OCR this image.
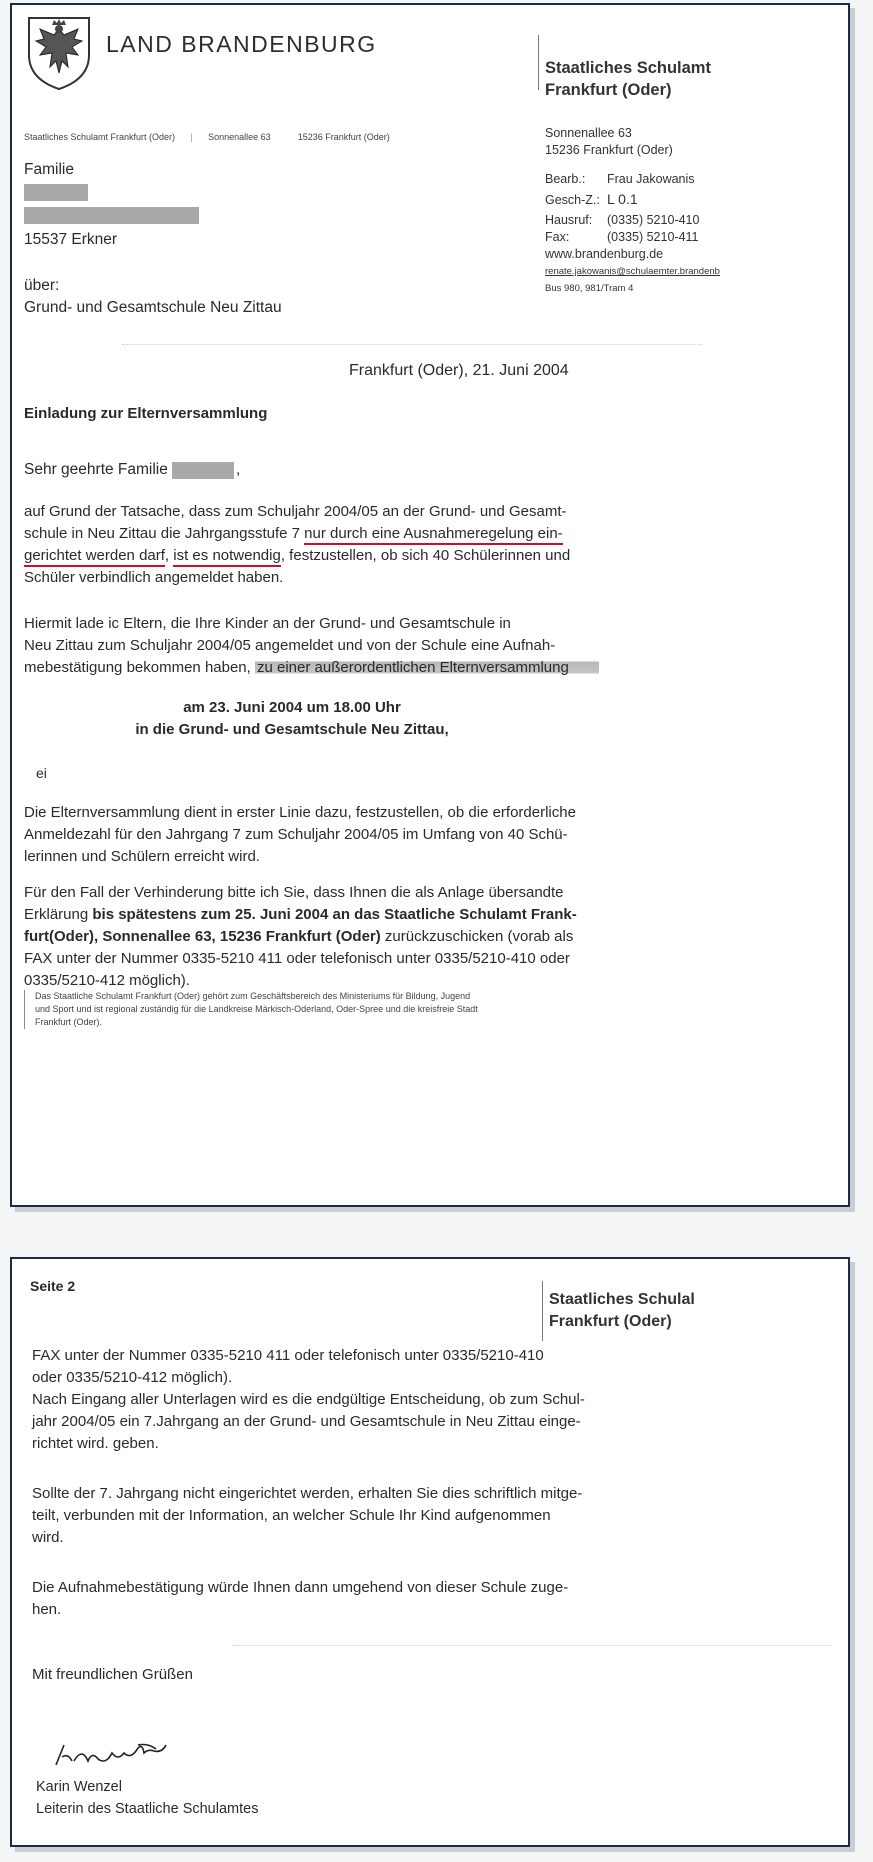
LAND BRANDENBURG
Staatliches Schulamt
Frankfurt (Oder)
Staatliches Schulamt Frankfurt (Oder) | Sonnenallee 63	15236 Frankfurt (Oder)	Sonnenallee 63
15236 Frankfurt (Oder)
Bearb.: Frau Jakowanis
Gesch-Z.: L 0.1
Hausruf: (0335) 5210-410
Fax:	(0335) 5210-411
www.brandenburg.de
renate.jakowanis@schulaemter.brandenb
Bus 980, 981/Tram 4
Familie
15537 Erkner
über:
Grund- und Gesamtschule Neu Zittau
Frankfurt (Oder), 21. Juni 2004
Einladung zur Elternversammlung
Sehr geehrte Familie	,
auf Grund der Tatsache, dass zum Schuljahr 2004/05 an der Grund- und Gesamt-
schule in Neu Zittau die Jahrgangsstufe 7 nur durch eine Ausnahmeregelung ein-
gerichtet werden darf, ist es notwendig, festzustellen, ob sich 40 Schülerinnen und
Schüler verbindlich angemeldet haben.
Hiermit lade ic Eltern, die Ihre Kinder an der Grund- und Gesamtschule in
Neu Zittau zum Schuljahr 2004/05 angemeldet und von der Schule eine Aufnah-
mebestätigung bekommen haben, zu einer außerordentlichen Elternversammlung
am 23. Juni 2004 um 18.00 Uhr
in die Grund- und Gesamtschule Neu Zittau,
ei
Die Elternversammlung dient in erster Linie dazu, festzustellen, ob die erforderliche
Anmeldezahl für den Jahrgang 7 zum Schuljahr 2004/05 im Umfang von 40 Schü-
lerinnen und Schülern erreicht wird.
Für den Fall der Verhinderung bitte ich Sie, dass Ihnen die als Anlage übersandte
Erklärung bis spätestens zum 25. Juni 2004 an das Staatliche Schulamt Frank-
furt(Oder), Sonnenallee 63, 15236 Frankfurt (Oder) zurückzuschicken (vorab als
FAX unter der Nummer 0335-5210 411 oder telefonisch unter 0335/5210-410 oder
0335/5210-412 möglich).
Das Staatliche Schulamt Frankfurt (Oder) gehört zum Geschäftsbereich des Ministeriums für Bildung, Jugend
und Sport und ist regional zuständig für die Landkreise Märkisch-Oderland, Oder-Spree und die kreisfreie Stadt
Frankfurt (Oder).
Seite 2
Staatliches Schulal
Frankfurt (Oder)
FAX unter der Nummer 0335-5210 411 oder telefonisch unter 0335/5210-410
oder 0335/5210-412 möglich).
Nach Eingang aller Unterlagen wird es die endgültige Entscheidung, ob zum Schul-
jahr 2004/05 ein 7.Jahrgang an der Grund- und Gesamtschule in Neu Zittau einge-
richtet wird. geben.
Sollte der 7. Jahrgang nicht eingerichtet werden, erhalten Sie dies schriftlich mitge-
teilt, verbunden mit der Information, an welcher Schule Ihr Kind aufgenommen
wird.
Die Aufnahmebestätigung würde Ihnen dann umgehend von dieser Schule zuge-
hen.
Mit freundlichen Grüßen
Karin Wenzel
Leiterin des Staatliche Schulamtes
